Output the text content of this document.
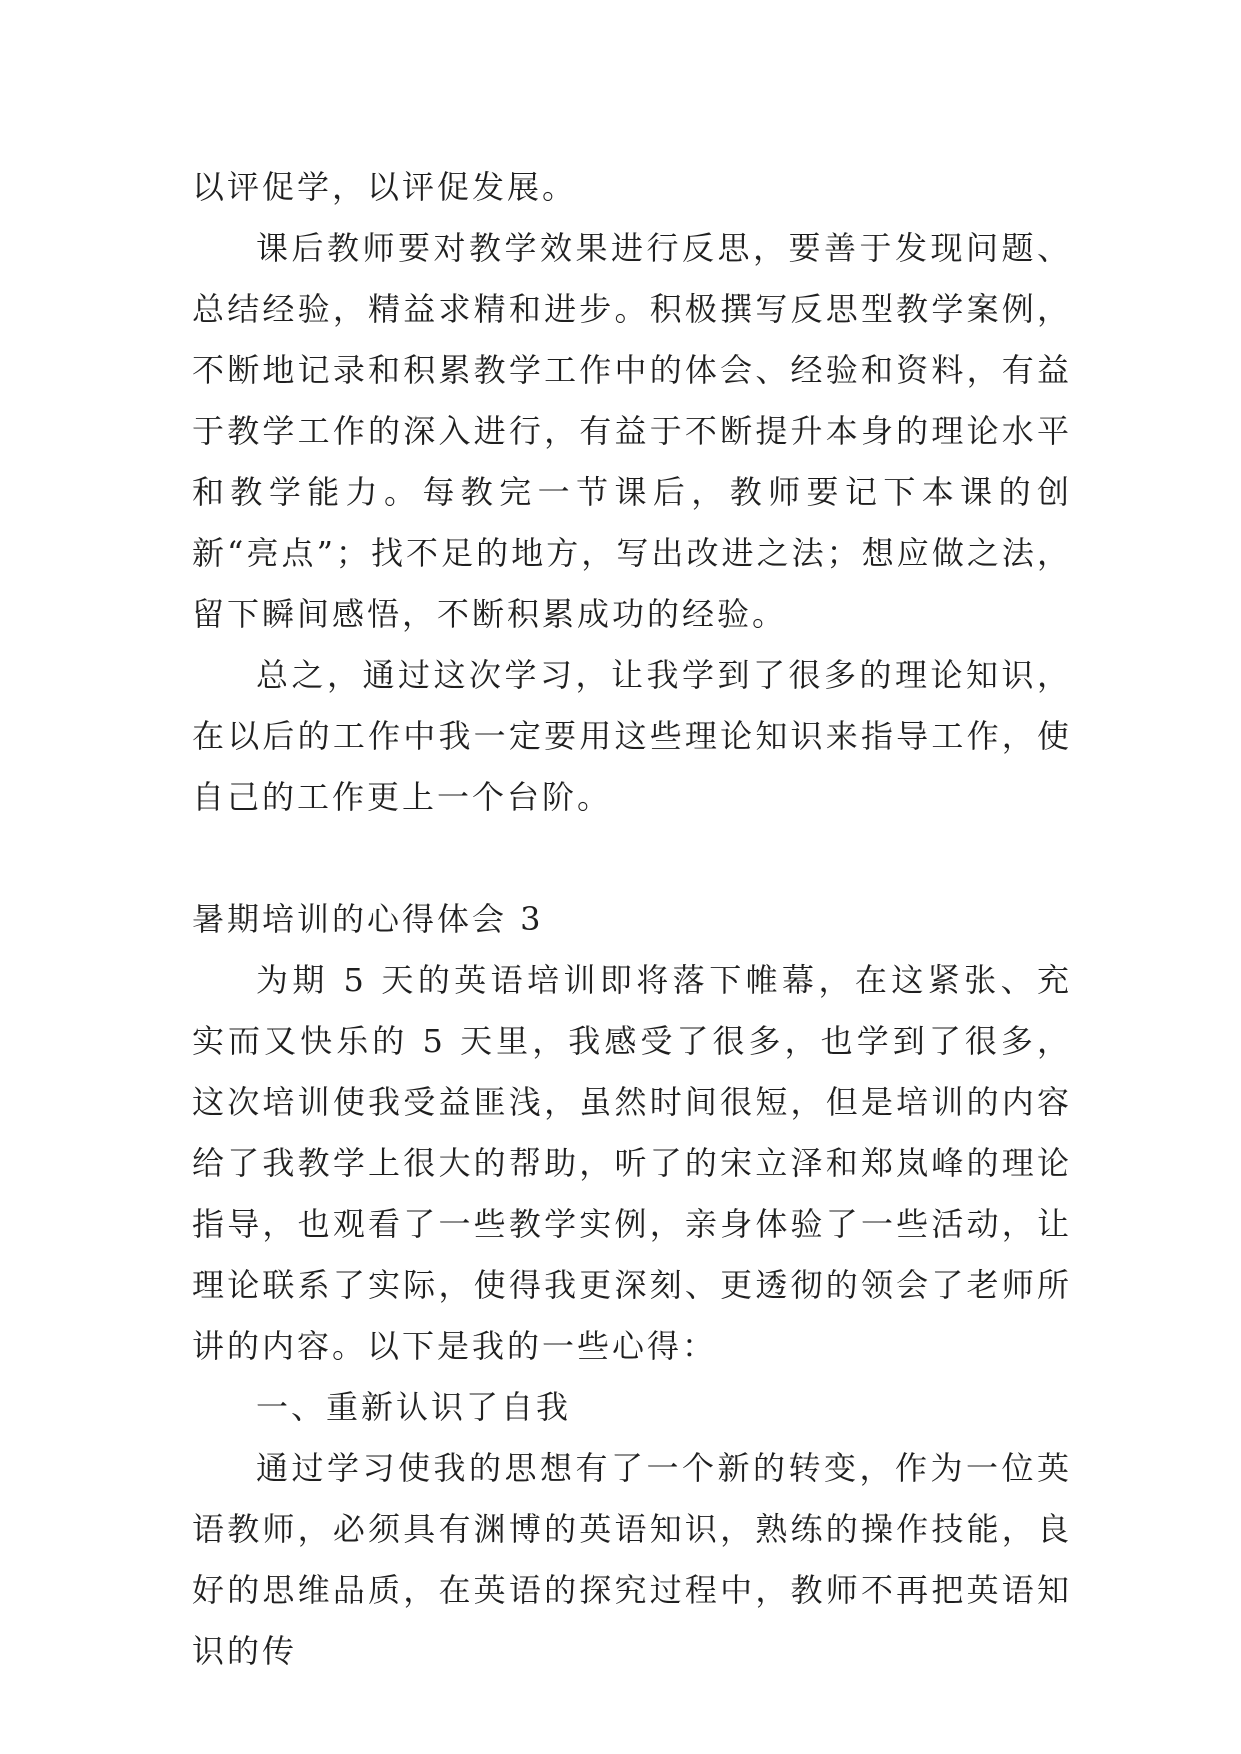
以评促学，以评促发展。

课后教师要对教学效果进行反思，要善于发现问题、总结经验，精益求精和进步。积极撰写反思型教学案例，不断地记录和积累教学工作中的体会、经验和资料，有益于教学工作的深入进行，有益于不断提升本身的理论水平和教学能力。每教完一节课后，教师要记下本课的创新“亮点”；找不足的地方，写出改进之法；想应做之法，留下瞬间感悟，不断积累成功的经验。

总之，通过这次学习，让我学到了很多的理论知识，在以后的工作中我一定要用这些理论知识来指导工作，使自己的工作更上一个台阶。

暑期培训的心得体会 3

为期 5 天的英语培训即将落下帷幕，在这紧张、充实而又快乐的 5 天里，我感受了很多，也学到了很多，这次培训使我受益匪浅，虽然时间很短，但是培训的内容给了我教学上很大的帮助，听了的宋立泽和郑岚峰的理论指导，也观看了一些教学实例，亲身体验了一些活动，让理论联系了实际，使得我更深刻、更透彻的领会了老师所讲的内容。以下是我的一些心得：

一、重新认识了自我

通过学习使我的思想有了一个新的转变，作为一位英语教师，必须具有渊博的英语知识，熟练的操作技能，良好的思维品质，在英语的探究过程中，教师不再把英语知识的传
